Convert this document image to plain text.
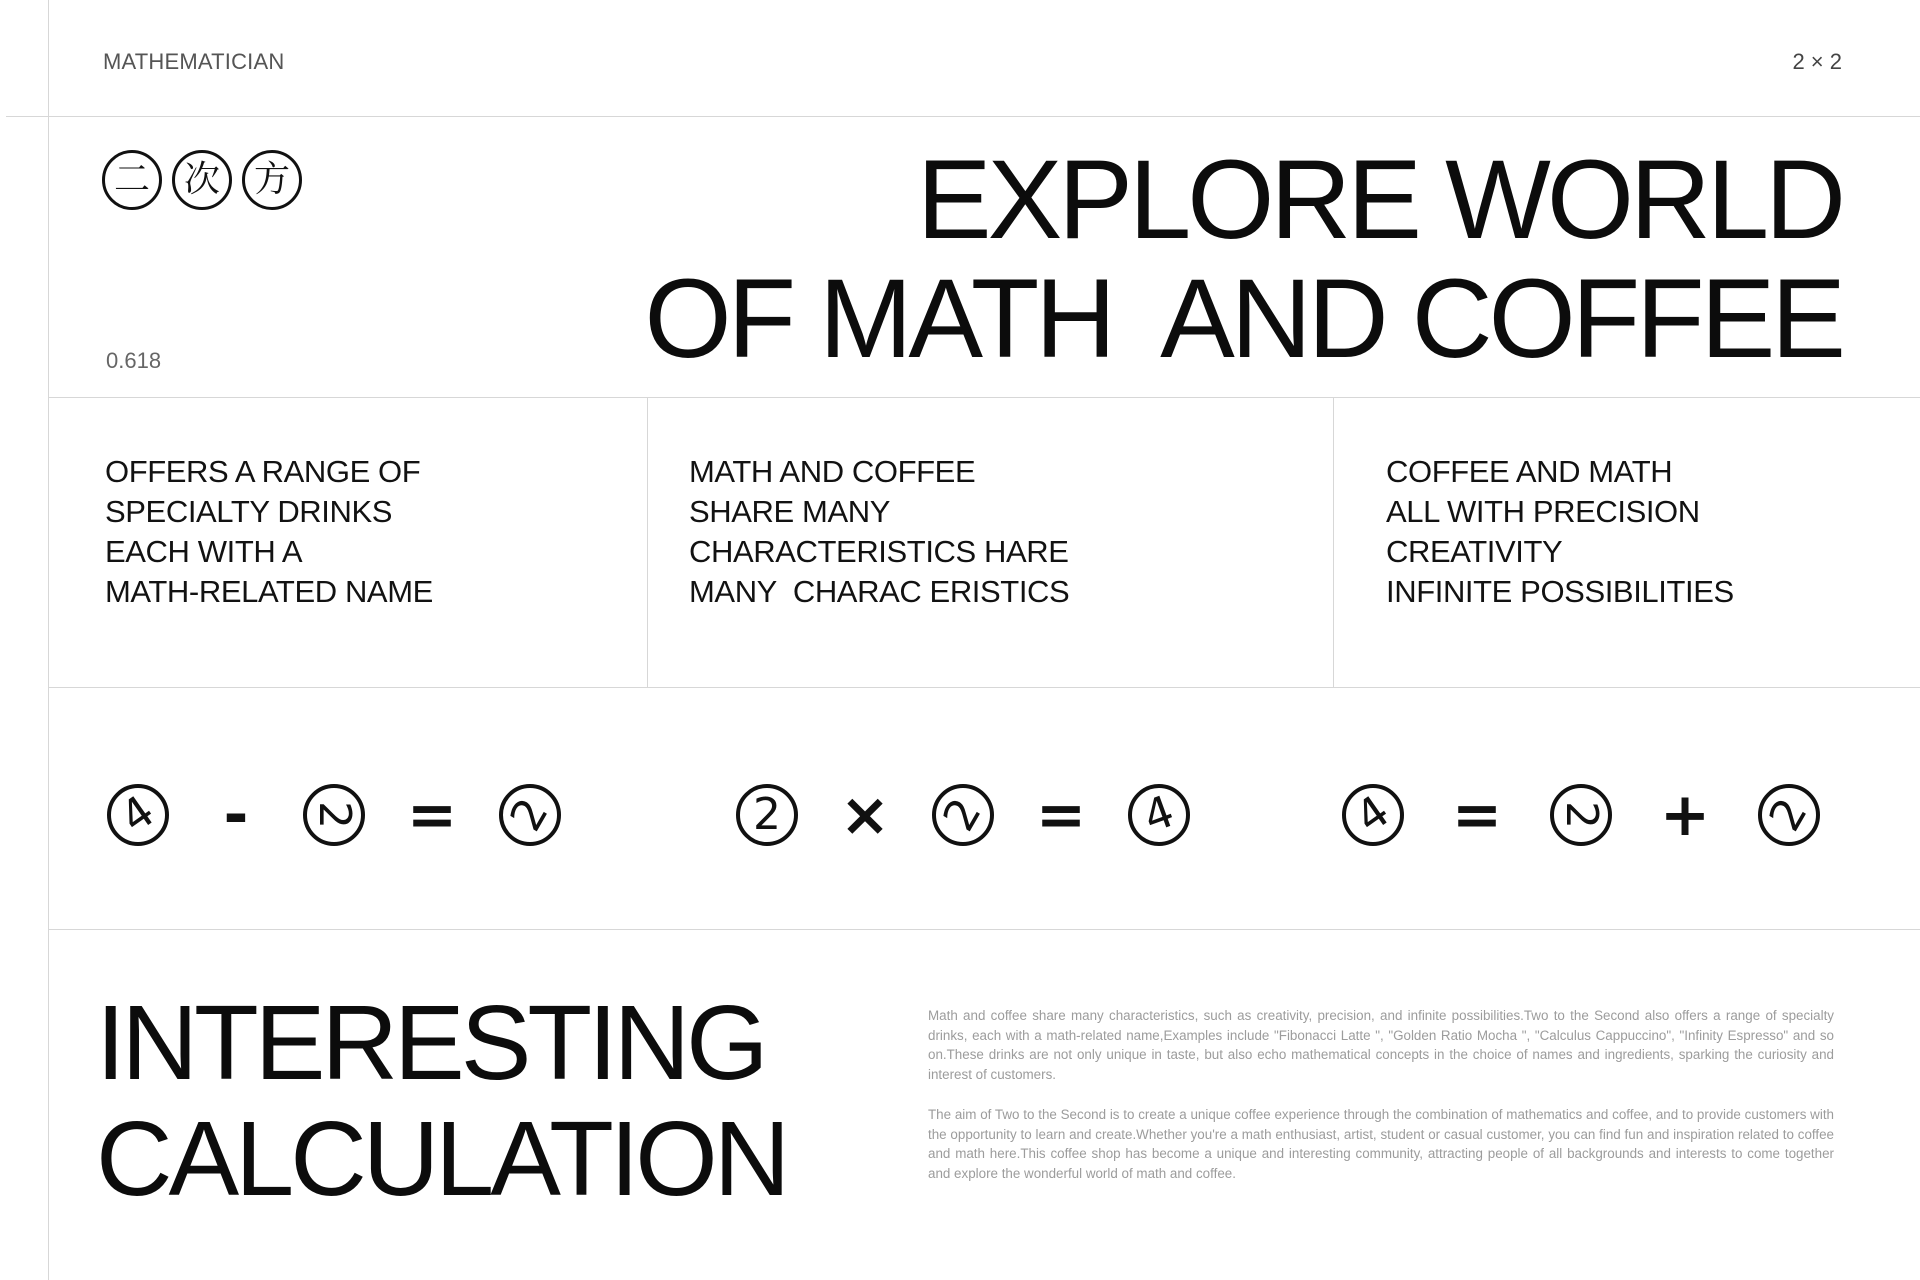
MATHEMATICIAN	2 × 2
二 次 方
0.618
EXPLORE WORLD
OF MATH  AND COFFEE
OFFERS A RANGE OF
SPECIALTY DRINKS
EACH WITH A
MATH-RELATED NAME
MATH AND COFFEE
SHARE MANY
CHARACTERISTICS HARE
MANY  CHARAC ERISTICS
COFFEE AND MATH
ALL WITH PRECISION
CREATIVITY
INFINITE POSSIBILITIES
4 -	2 = 2	2 × 2 = 4	4 = 2 + 2
INTERESTING
CALCULATION

Math and coffee share many characteristics, such as creativity, precision, and infinite possibilities.Two to the Second also offers a range of specialty drinks, each with a math-related name,Examples include "Fibonacci Latte ", "Golden Ratio Mocha ", "Calculus Cappuccino", "Infinity Espresso" and so on.These drinks are not only unique in taste, but also echo mathematical concepts in the choice of names and ingredients, sparking the curiosity and interest of customers.

The aim of Two to the Second is to create a unique coffee experience through the combination of mathematics and coffee, and to provide customers with the opportunity to learn and create.Whether you're a math enthusiast, artist, student or casual customer, you can find fun and inspiration related to coffee and math here.This coffee shop has become a unique and interesting community, attracting people of all backgrounds and interests to come together and explore the wonderful world of math and coffee.
